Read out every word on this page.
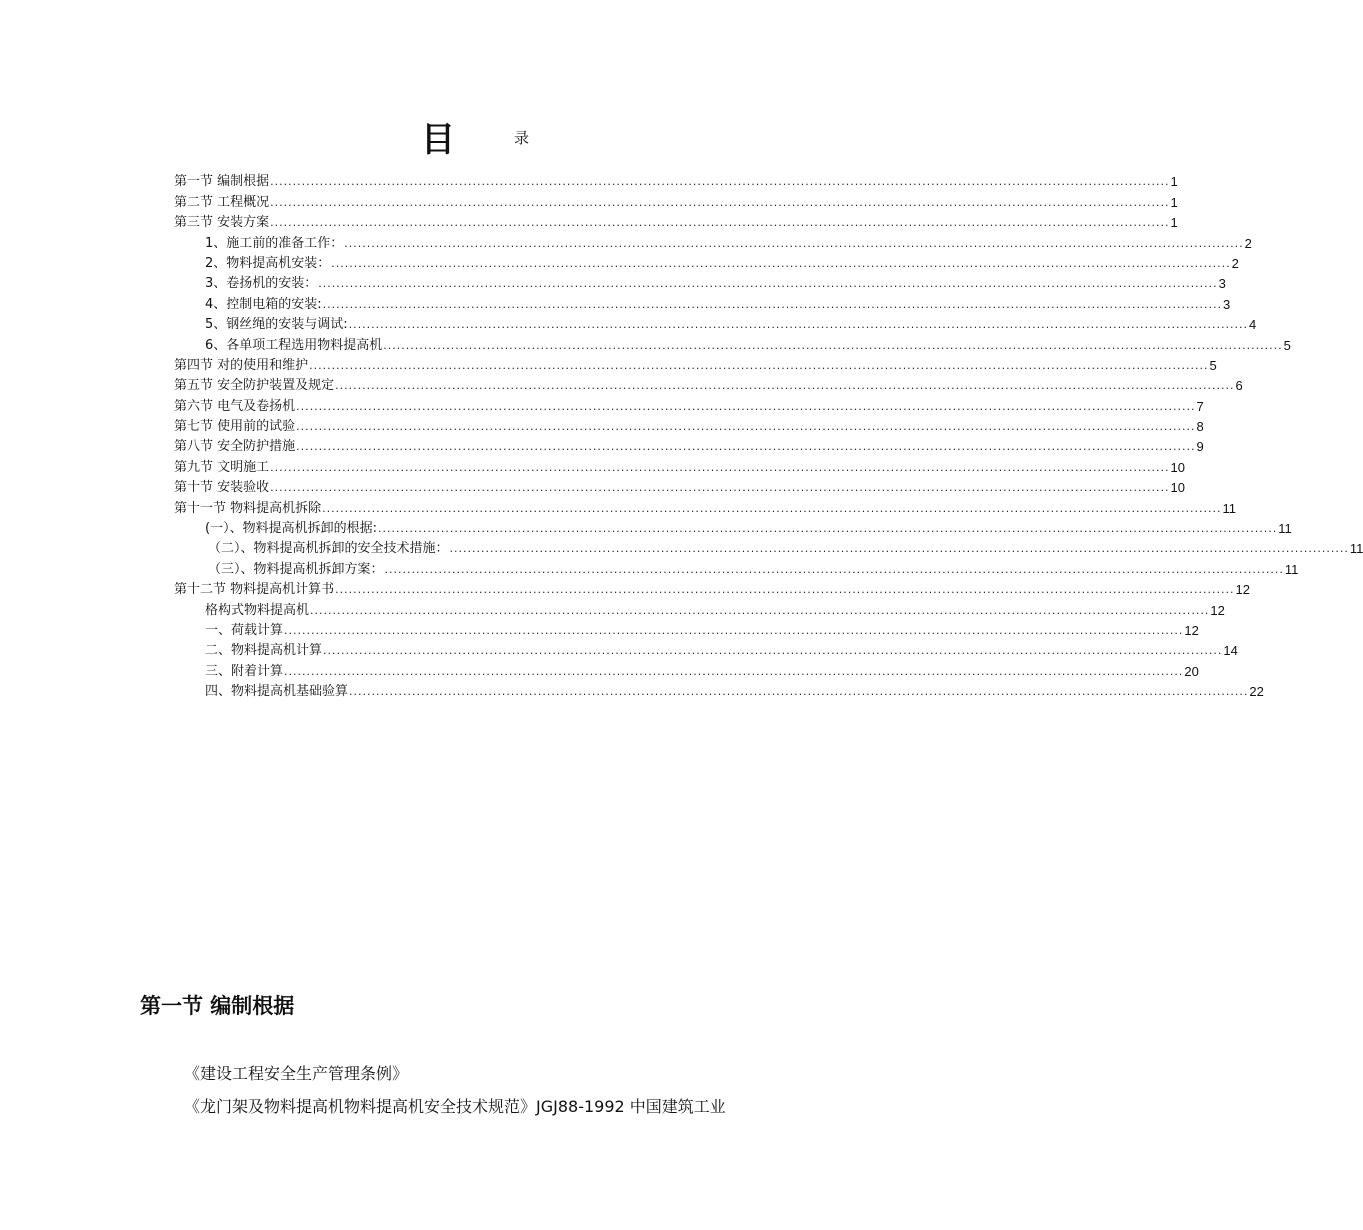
目	录
第一节 编制根据 ........................................................................................................................................................................................................ 1
第二节 工程概况 ........................................................................................................................................................................................................ 1
第三节 安装方案 ........................................................................................................................................................................................................ 1
1、施工前的准备工作： ........................................................................................................................................................................................................ 2
2、物料提高机安装： ........................................................................................................................................................................................................ 2
3、卷扬机的安装： ........................................................................................................................................................................................................ 3
4、控制电箱的安装: ........................................................................................................................................................................................................ 3
5、钢丝绳的安装与调试: ........................................................................................................................................................................................................ 4
6、各单项工程选用物料提高机 ........................................................................................................................................................................................................ 5
第四节 对的使用和维护 ........................................................................................................................................................................................................ 5
第五节 安全防护装置及规定 ........................................................................................................................................................................................................ 6
第六节 电气及卷扬机 ........................................................................................................................................................................................................ 7
第七节 使用前的试验 ........................................................................................................................................................................................................ 8
第八节 安全防护措施 ........................................................................................................................................................................................................ 9
第九节 文明施工 ........................................................................................................................................................................................................ 10
第十节 安装验收 ........................................................................................................................................................................................................ 10
第十一节 物料提高机拆除 ........................................................................................................................................................................................................ 11
(一）、物料提高机拆卸的根据: ........................................................................................................................................................................................................ 11
（二）、物料提高机拆卸的安全技术措施： ........................................................................................................................................................................................................ 11
（三）、物料提高机拆卸方案： ........................................................................................................................................................................................................ 11
第十二节 物料提高机计算书 ........................................................................................................................................................................................................ 12
格构式物料提高机 ........................................................................................................................................................................................................ 12
一、荷载计算 ........................................................................................................................................................................................................ 12
二、物料提高机计算 ........................................................................................................................................................................................................ 14
三、附着计算 ........................................................................................................................................................................................................ 20
四、物料提高机基础验算 ........................................................................................................................................................................................................ 22
第一节 编制根据
《建设工程安全生产管理条例》
《龙门架及物料提高机物料提高机安全技术规范》JGJ88-1992 中国建筑工业
